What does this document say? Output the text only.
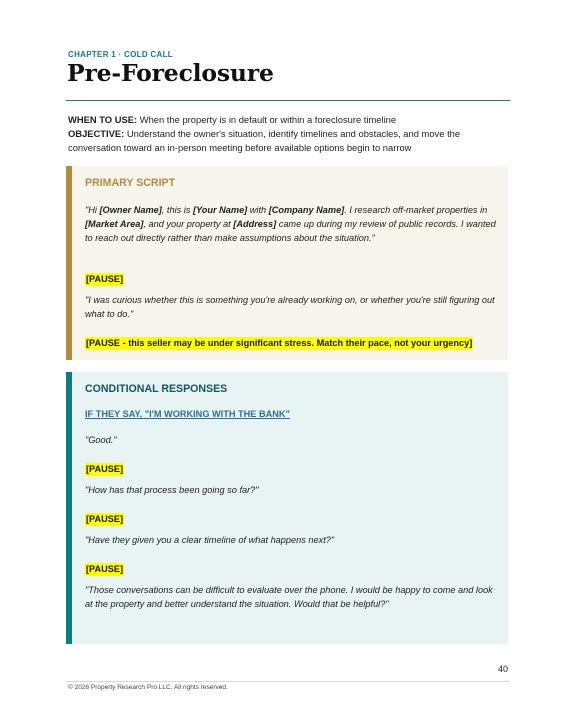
CHAPTER 1 · COLD CALL
Pre-Foreclosure
WHEN TO USE: When the property is in default or within a foreclosure timeline
OBJECTIVE: Understand the owner's situation, identify timelines and obstacles, and move the conversation toward an in-person meeting before available options begin to narrow
PRIMARY SCRIPT
"Hi [Owner Name], this is [Your Name] with [Company Name]. I research off-market properties in [Market Area], and your property at [Address] came up during my review of public records. I wanted to reach out directly rather than make assumptions about the situation."
[PAUSE]
"I was curious whether this is something you're already working on, or whether you're still figuring out what to do."
[PAUSE - this seller may be under significant stress. Match their pace, not your urgency]
CONDITIONAL RESPONSES
IF THEY SAY, "I'M WORKING WITH THE BANK"
"Good."
[PAUSE]
"How has that process been going so far?"
[PAUSE]
"Have they given you a clear timeline of what happens next?"
[PAUSE]
"Those conversations can be difficult to evaluate over the phone. I would be happy to come and look at the property and better understand the situation. Would that be helpful?"
40
© 2026 Property Research Pro LLC. All rights reserved.
